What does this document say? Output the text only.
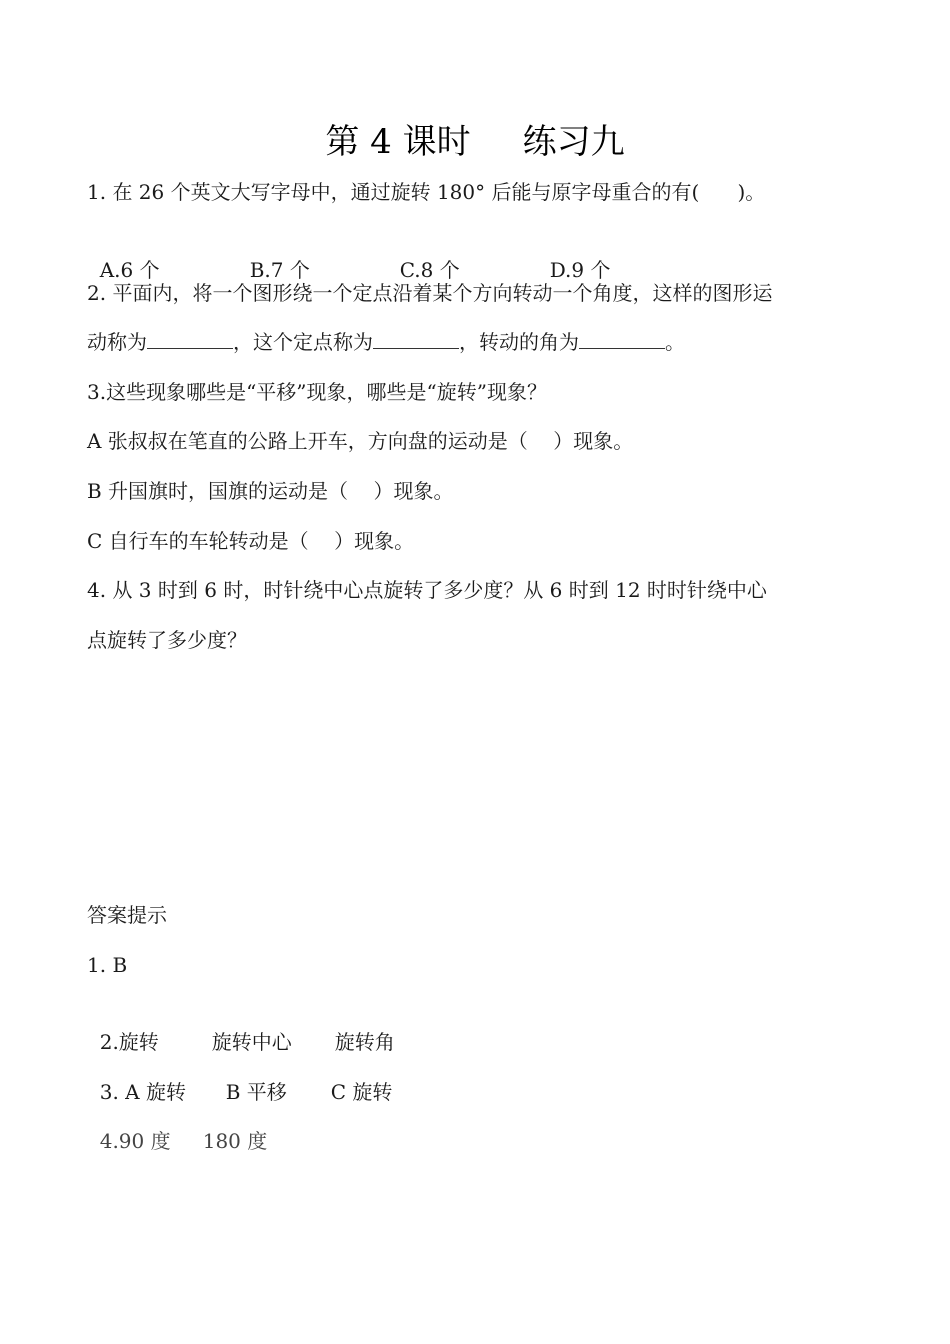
第 4 课时 练习九
1. 在 26 个英文大写字母中，通过旋转 180° 后能与原字母重合的有(      )。

A.6 个	B.7 个	C.8 个	D.9 个

2. 平面内，将一个图形绕一个定点沿着某个方向转动一个角度，这样的图形运
动称为	，这个定点称为	，转动的角为	。
3.这些现象哪些是“平移”现象，哪些是“旋转”现象？
A 张叔叔在笔直的公路上开车，方向盘的运动是（    ）现象。
B 升国旗时，国旗的运动是（    ）现象。
C 自行车的车轮转动是（    ）现象。
4. 从 3 时到 6 时，时针绕中心点旋转了多少度？从 6 时到 12 时时针绕中心
点旋转了多少度？
答案提示
1. B

2.旋转	旋转中心 旋转角

3. A 旋转 B 平移 C 旋转

4.90 度 180 度
